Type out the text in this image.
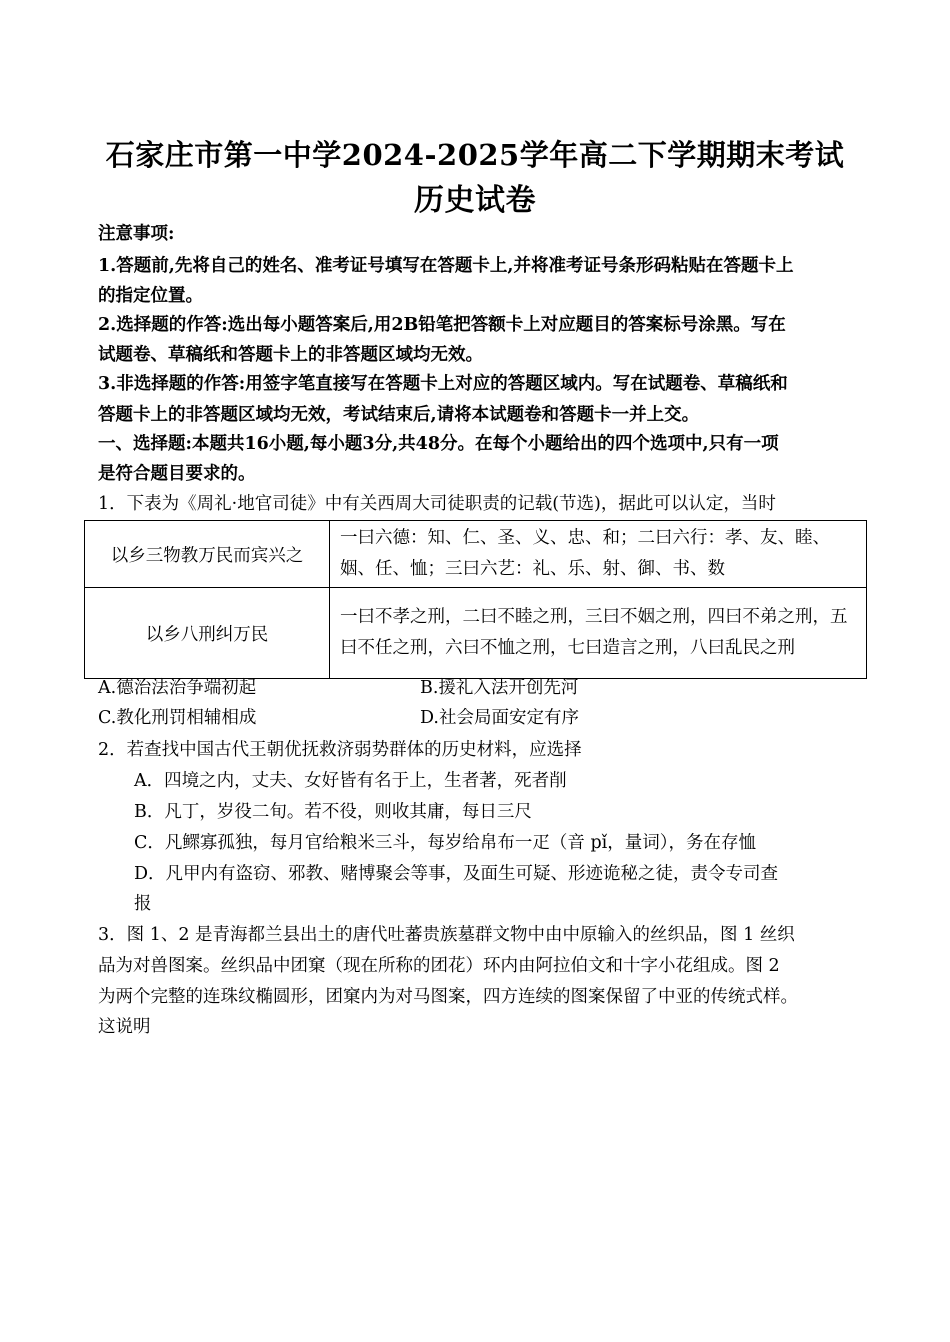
石家庄市第一中学2024-2025学年高二下学期期末考试
历史试卷
注意事项:
1.答题前,先将自己的姓名、准考证号填写在答题卡上,并将准考证号条形码粘贴在答题卡上
的指定位置。
2.选择题的作答:选出每小题答案后,用2B铅笔把答额卡上对应题目的答案标号涂黑。写在
试题卷、草稿纸和答题卡上的非答题区域均无效。
3.非选择题的作答:用签字笔直接写在答题卡上对应的答题区域内。写在试题卷、草稿纸和
答题卡上的非答题区域均无效，考试结束后,请将本试题卷和答题卡一并上交。
一、选择题:本题共16小题,每小题3分,共48分。在每个小题给出的四个选项中,只有一项
是符合题目要求的。
1．下表为《周礼·地官司徒》中有关西周大司徒职责的记载(节选)，据此可以认定，当时
以乡三物教万民而宾兴之	一曰六德：知、仁、圣、义、忠、和；二曰六行：孝、友、睦、姻、任、恤；三曰六艺：礼、乐、射、御、书、数
以乡八刑纠万民	一曰不孝之刑，二曰不睦之刑，三曰不姻之刑，四曰不弟之刑，五曰不任之刑，六曰不恤之刑，七曰造言之刑，八曰乱民之刑
A.德治法治争端初起	B.援礼入法开创先河
C.教化刑罚相辅相成	D.社会局面安定有序
2．若查找中国古代王朝优抚救济弱势群体的历史材料，应选择
A．四境之内，丈夫、女好皆有名于上，生者著，死者削
B．凡丁，岁役二旬。若不役，则收其庸，每日三尺
C．凡鳏寡孤独，每月官给粮米三斗，每岁给帛布一疋（音 pǐ，量词），务在存恤
D．凡甲内有盗窃、邪教、赌博聚会等事，及面生可疑、形迹诡秘之徒，责令专司查
报
3．图 1、2 是青海都兰县出土的唐代吐蕃贵族墓群文物中由中原输入的丝织品，图 1 丝织
品为对兽图案。丝织品中团窠（现在所称的团花）环内由阿拉伯文和十字小花组成。图 2
为两个完整的连珠纹椭圆形，团窠内为对马图案，四方连续的图案保留了中亚的传统式样。
这说明
